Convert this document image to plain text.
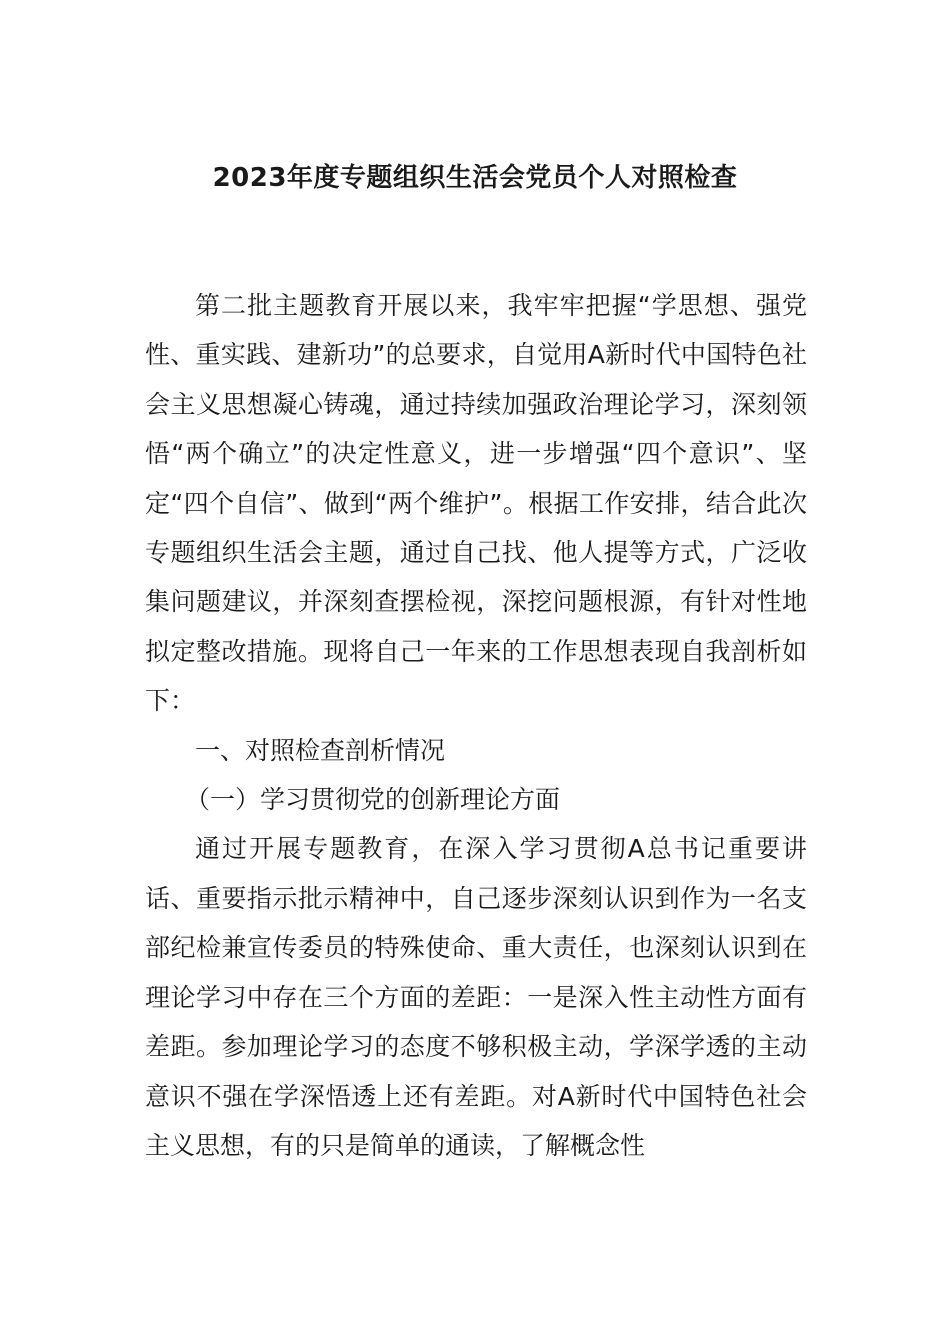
2023年度专题组织生活会党员个人对照检查

第二批主题教育开展以来，我牢牢把握“学思想、强党性、重实践、建新功”的总要求，自觉用A新时代中国特色社会主义思想凝心铸魂，通过持续加强政治理论学习，深刻领悟“两个确立”的决定性意义，进一步增强“四个意识”、坚定“四个自信”、做到“两个维护”。根据工作安排，结合此次专题组织生活会主题，通过自己找、他人提等方式，广泛收集问题建议，并深刻查摆检视，深挖问题根源，有针对性地拟定整改措施。现将自己一年来的工作思想表现自我剖析如下：

一、对照检查剖析情况

（一）学习贯彻党的创新理论方面

通过开展专题教育，在深入学习贯彻A总书记重要讲话、重要指示批示精神中，自己逐步深刻认识到作为一名支部纪检兼宣传委员的特殊使命、重大责任，也深刻认识到在理论学习中存在三个方面的差距：一是深入性主动性方面有差距。参加理论学习的态度不够积极主动，学深学透的主动意识不强在学深悟透上还有差距。对A新时代中国特色社会主义思想，有的只是简单的通读，了解概念性
